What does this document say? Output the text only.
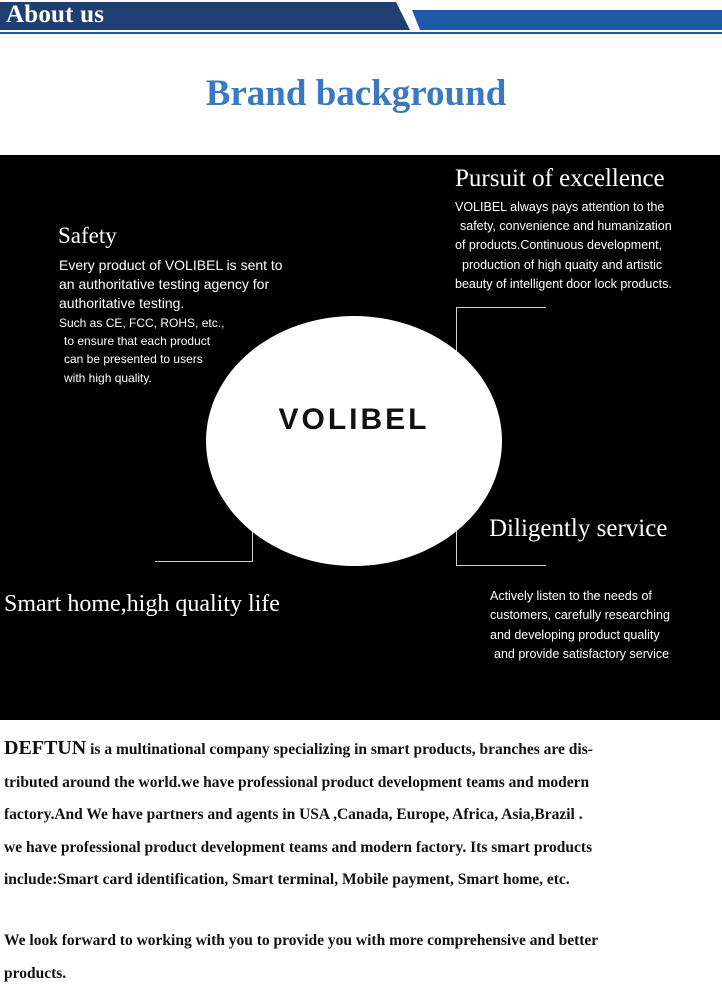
About us
Brand background
VOLIBEL
Safety
Every product of VOLIBEL is sent to
an authoritative testing agency for
authoritative testing.
Such as CE, FCC, ROHS, etc.,
to ensure that each product
can be presented to users
with high quality.
Pursuit of excellence
VOLIBEL always pays attention to the
safety, convenience and humanization
of products.Continuous development,
production of high quaity and artistic
beauty of intelligent door lock products.
Diligently service
Actively listen to the needs of
customers, carefully researching
and developing product quality
and provide satisfactory service
Smart home,high quality life
DEFTUN is a multinational company specializing in smart products, branches are dis-
tributed around the world.we have professional product development teams and modern
factory.And We have partners and agents in USA ,Canada, Europe, Africa, Asia,Brazil .
we have professional product development teams and modern factory. Its smart products
include:Smart card identification, Smart terminal, Mobile payment, Smart home, etc.
We look forward to working with you to provide you with more comprehensive and better
products.
